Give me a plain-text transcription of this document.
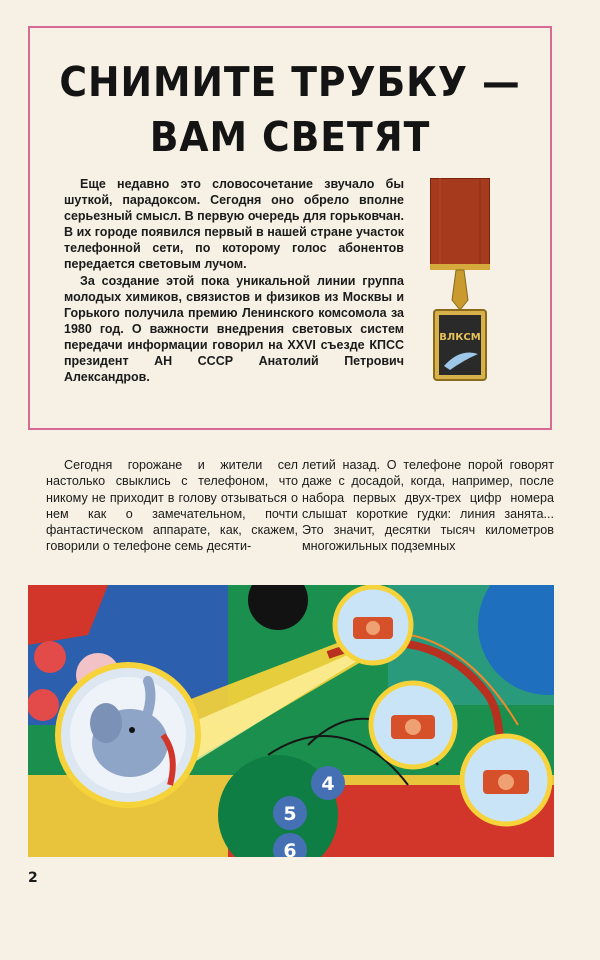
СНИМИТЕ ТРУБКУ —
ВАМ СВЕТЯТ

Еще недавно это словосочетание звучало бы шуткой, парадоксом. Сегодня оно обрело вполне серьезный смысл. В первую очередь для горьковчан. В их городе появился первый в нашей стране участок телефонной сети, по которому голос абонентов передается световым лучом.

За создание этой пока уникальной линии группа молодых химиков, связистов и физиков из Москвы и Горького получила премию Ленинского комсомола за 1980 год. О важности внедрения световых систем передачи информации говорил на XXVI съезде КПСС президент АН СССР Анатолий Петрович Александров.

ВЛКСМ

Сегодня горожане и жители сел настолько свыклись с телефоном, что никому не приходит в голову отзываться о нем как о замечательном, почти фантастическом аппарате, как, скажем, говорили о телефоне семь десяти-

летий назад. О телефоне порой говорят даже с досадой, когда, например, после набора первых двух-трех цифр номера слышат короткие гудки: линия занята... Это значит, десятки тысяч километров многожильных подземных

4
5
6
2
